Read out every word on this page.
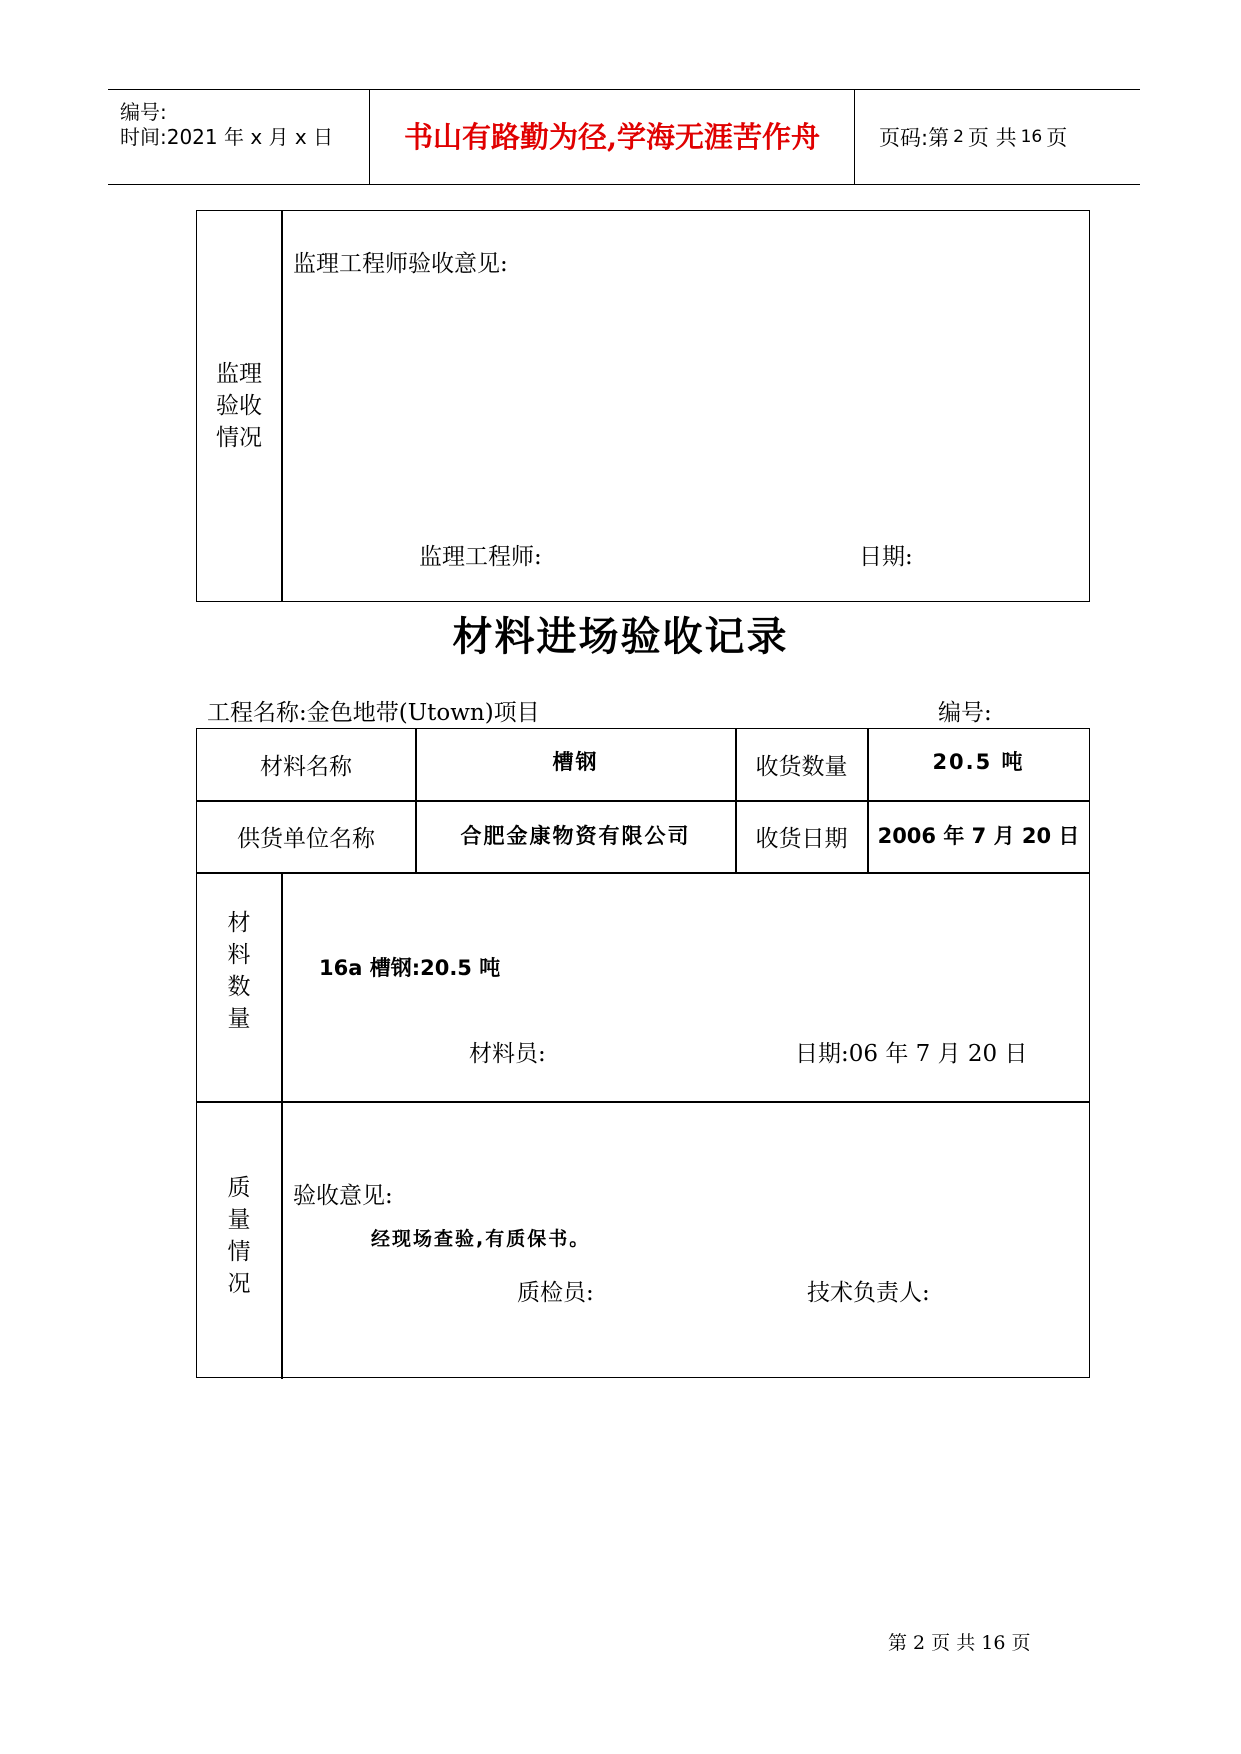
编号:
时间:2021 年 x 月 x 日	书山有路勤为径,学海无涯苦作舟	页码:第 2 页 共 16 页
监理
验收
情况
监理工程师验收意见:
监理工程师:	日期:
材料进场验收记录
工程名称:金色地带(Utown)项目	编号:
材料名称	槽钢	收货数量	20.5 吨
供货单位名称	合肥金康物资有限公司	收货日期	2006 年 7 月 20 日
材
料
数
量
16a 槽钢:20.5 吨
材料员:	日期:06 年 7 月 20 日
质
量
情
况
验收意见:
经现场查验,有质保书。
质检员:	技术负责人:
第 2 页 共 16 页
